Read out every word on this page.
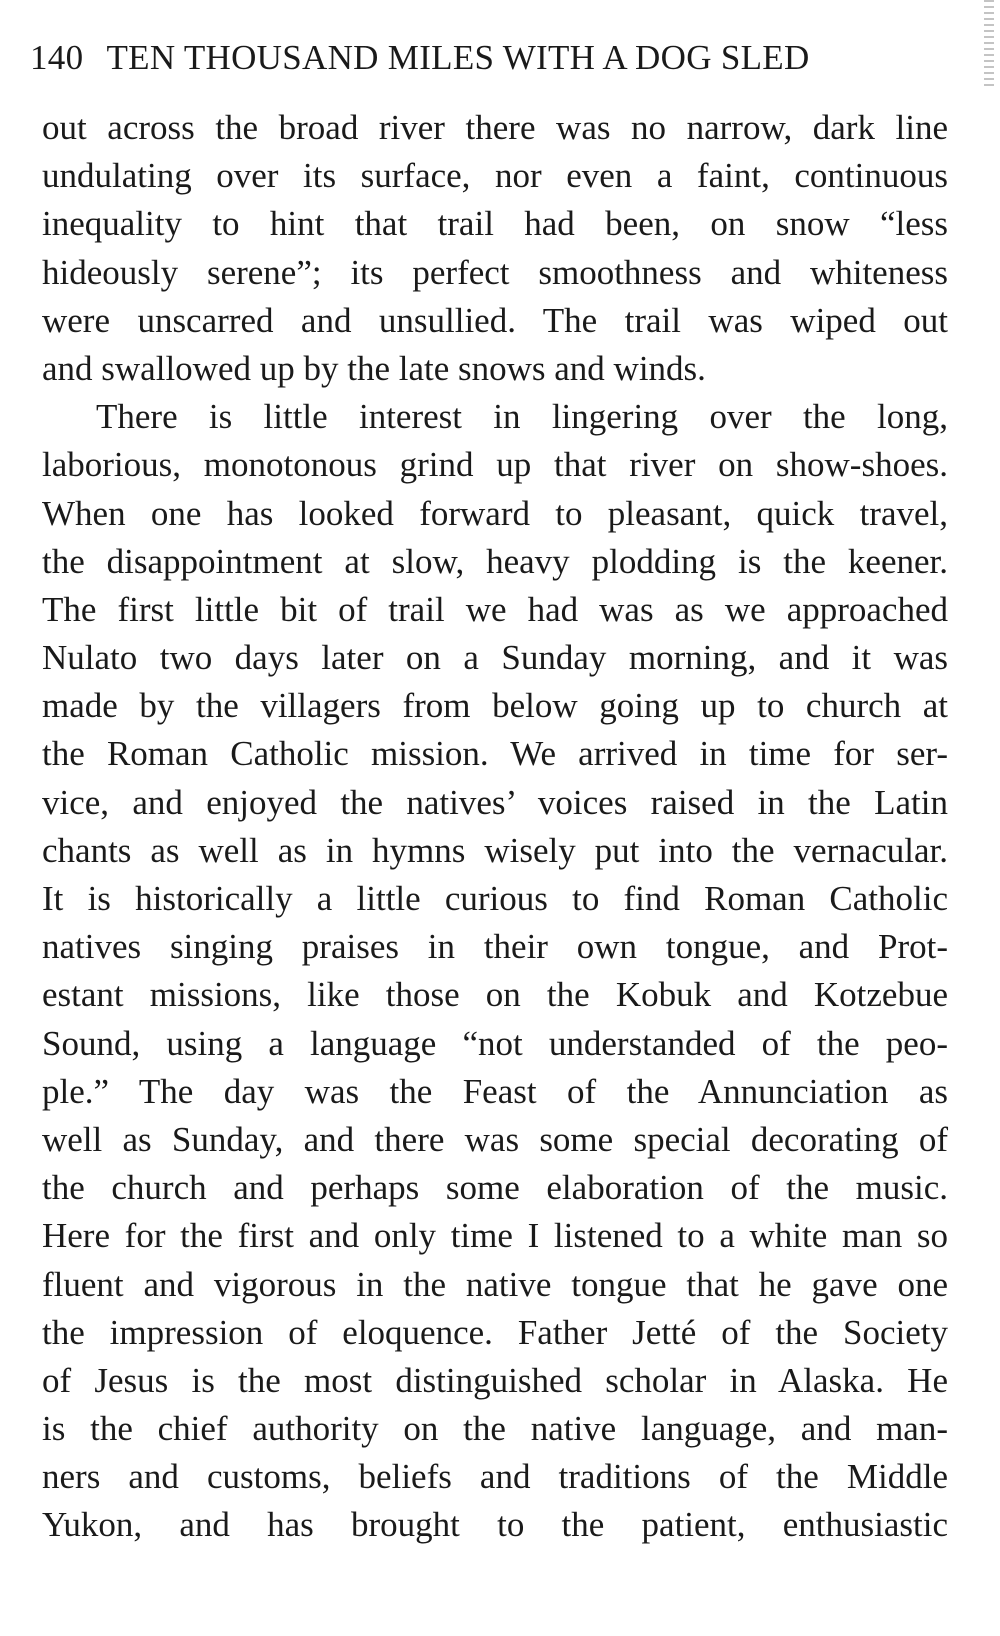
140 TEN THOUSAND MILES WITH A DOG SLED
out across the broad river there was no narrow, dark line
undulating over its surface, nor even a faint, continuous
inequality to hint that trail had been, on snow “less
hideously serene”; its perfect smoothness and whiteness
were unscarred and unsullied. The trail was wiped out
and swallowed up by the late snows and winds.
There is little interest in lingering over the long,
laborious, monotonous grind up that river on show-shoes.
When one has looked forward to pleasant, quick travel,
the disappointment at slow, heavy plodding is the keener.
The first little bit of trail we had was as we approached
Nulato two days later on a Sunday morning, and it was
made by the villagers from below going up to church at
the Roman Catholic mission. We arrived in time for ser-
vice, and enjoyed the natives’ voices raised in the Latin
chants as well as in hymns wisely put into the vernacular.
It is historically a little curious to find Roman Catholic
natives singing praises in their own tongue, and Prot-
estant missions, like those on the Kobuk and Kotzebue
Sound, using a language “not understanded of the peo-
ple.” The day was the Feast of the Annunciation as
well as Sunday, and there was some special decorating of
the church and perhaps some elaboration of the music.
Here for the first and only time I listened to a white man so
fluent and vigorous in the native tongue that he gave one
the impression of eloquence. Father Jetté of the Society
of Jesus is the most distinguished scholar in Alaska. He
is the chief authority on the native language, and man-
ners and customs, beliefs and traditions of the Middle
Yukon, and has brought to the patient, enthusiastic
